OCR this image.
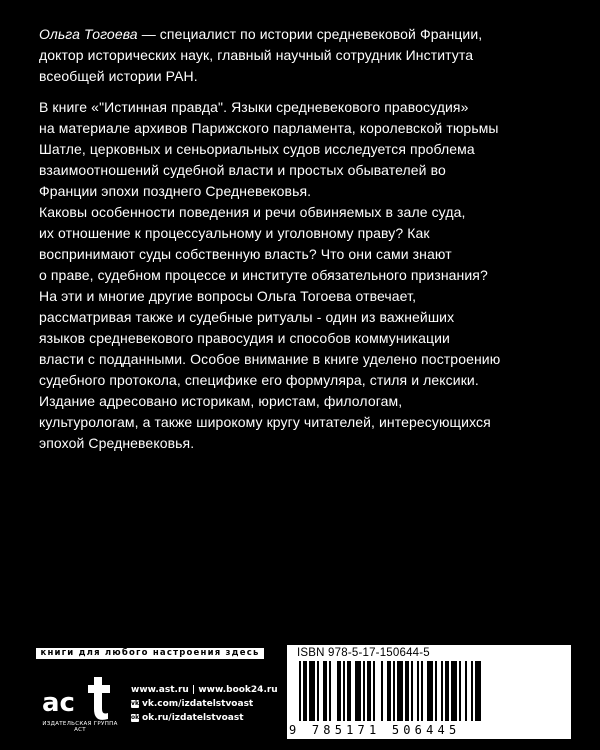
Ольга Тогоева — специалист по истории средневековой Франции,
доктор исторических наук, главный научный сотрудник Института
всеобщей истории РАН.

В книге «"Истинная правда". Языки средневекового правосудия»
на материале архивов Парижского парламента, королевской тюрьмы
Шатле, церковных и сеньориальных судов исследуется проблема
взаимоотношений судебной власти и простых обывателей во
Франции эпохи позднего Средневековья.
Каковы особенности поведения и речи обвиняемых в зале суда,
их отношение к процессуальному и уголовному праву? Как
воспринимают суды собственную власть? Что они сами знают
о праве, судебном процессе и институте обязательного признания?
На эти и многие другие вопросы Ольга Тогоева отвечает,
рассматривая также и судебные ритуалы - один из важнейших
языков средневекового правосудия и способов коммуникации
власти с подданными. Особое внимание в книге уделено построению
судебного протокола, специфике его формуляра, стиля и лексики.
Издание адресовано историкам, юристам, филологам,
культурологам, а также широкому кругу читателей, интересующихся
эпохой Средневековья.

книги для любого настроения здесь
ас
ИЗДАТЕЛЬСКАЯ ГРУППА АСТ
www.ast.ru | www.book24.ru
vk vk.com/izdatelstvoast
ok ok.ru/izdatelstvoast
ISBN 978-5-17-150644-5
9 785171 506445
